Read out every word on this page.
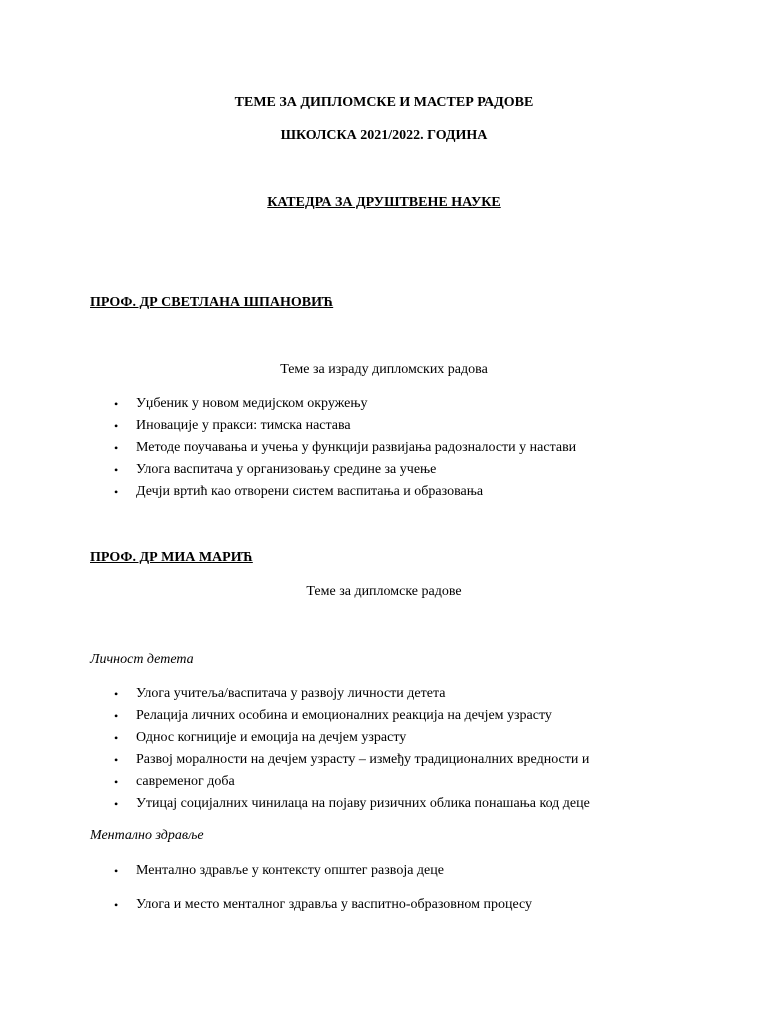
ТЕМЕ ЗА ДИПЛОМСКЕ И МАСТЕР РАДОВЕ
ШКОЛСКА 2021/2022. ГОДИНА
КАТЕДРА ЗА ДРУШТВЕНЕ НАУКЕ
ПРОФ. ДР СВЕТЛАНА ШПАНОВИЋ
Теме за израду дипломских радова
• Уџбеник у новом медијском окружењу
• Иновације у пракси: тимска настава
• Методе поучавања и учења у функцији развијања радозналости у настави
• Улога васпитача у организовању средине за учење
• Дечји вртић као отворени систем васпитања и образовања
ПРОФ. ДР МИА МАРИЋ
Теме за дипломске радове
Личност детета
• Улога учитеља/васпитача у развоју личности детета
• Релација личних особина и емоционалних реакција на дечјем узрасту
• Однос когниције и емоција на дечјем узрасту
• Развој моралности на дечјем узрасту – између традиционалних вредности и
• савременог доба
• Утицај социјалних чинилаца на појаву ризичних облика понашања код деце
Ментално здравље
• Ментално здравље у контексту општег развоја деце
• Улога и место менталног здравља у васпитно-образовном процесу
